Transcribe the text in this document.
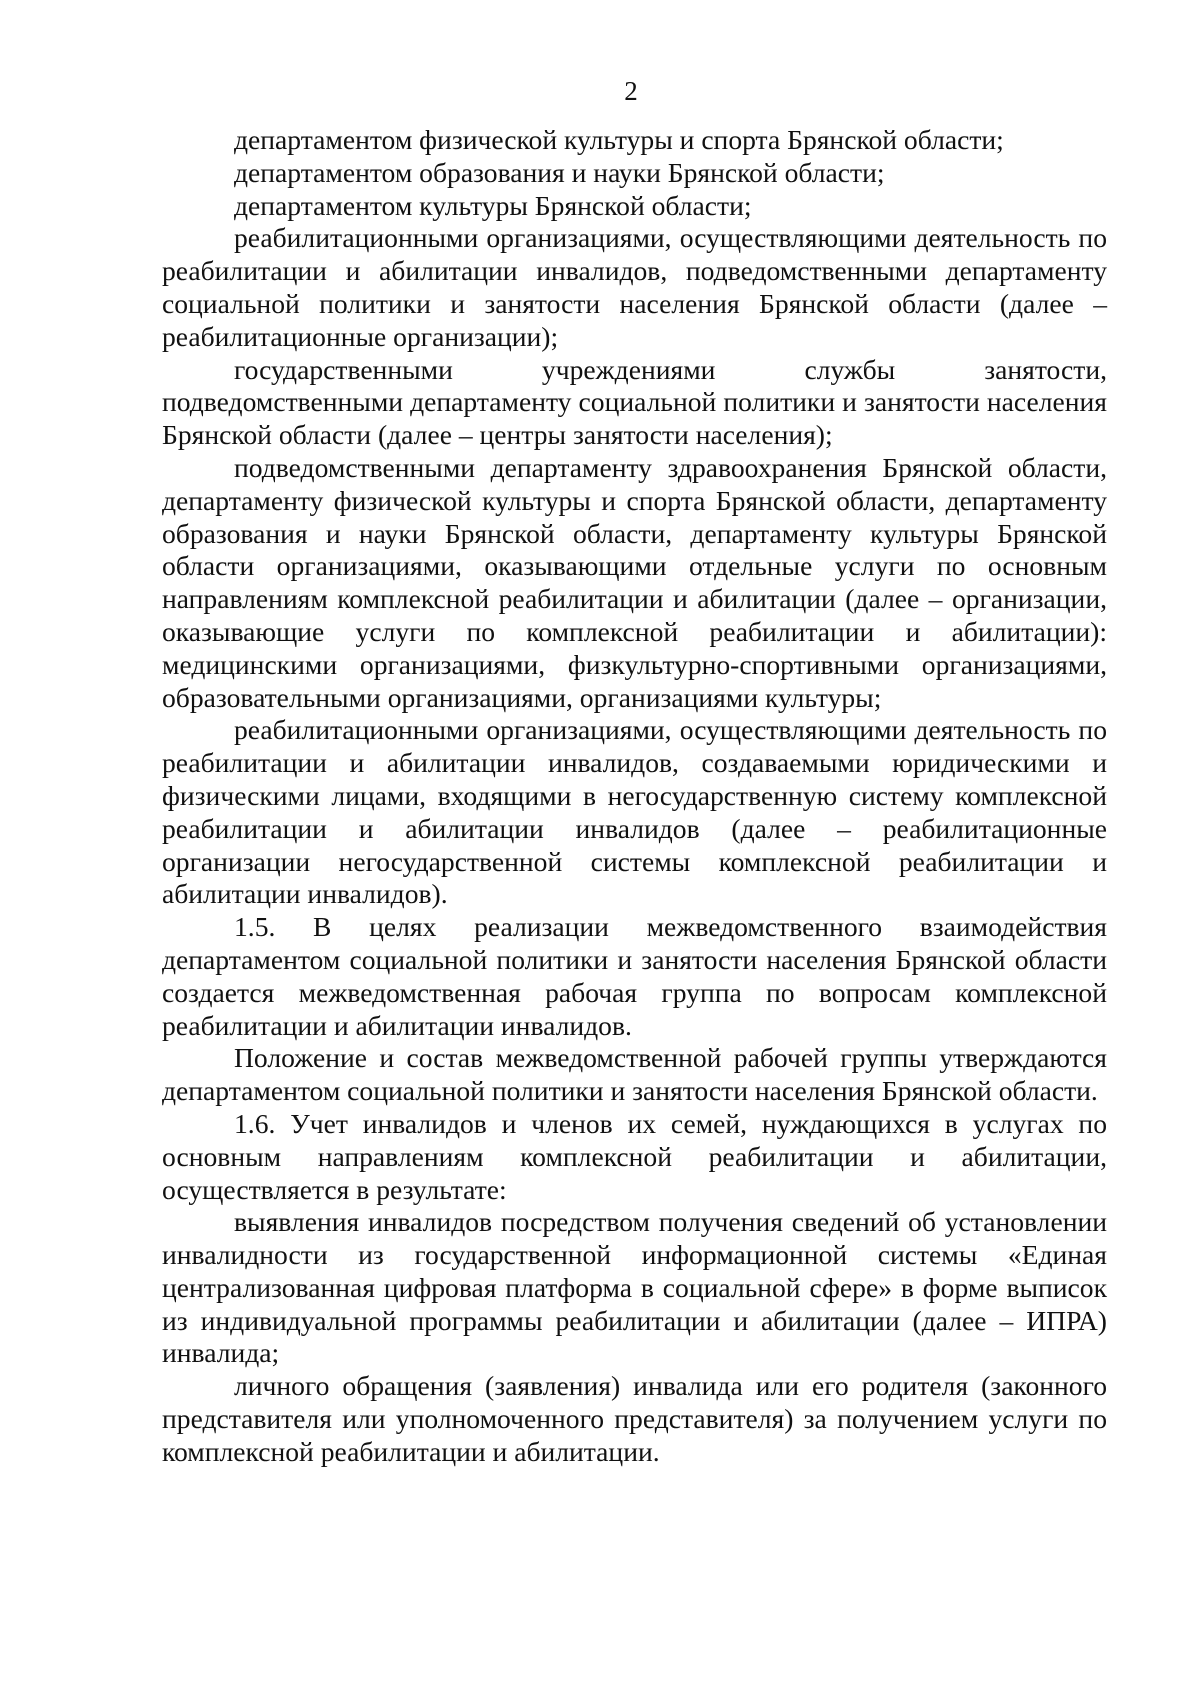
2

департаментом физической культуры и спорта Брянской области;

департаментом образования и науки Брянской области;

департаментом культуры Брянской области;

реабилитационными организациями, осуществляющими деятельность по реабилитации и абилитации инвалидов, подведомственными департаменту социальной политики и занятости населения Брянской области (далее – реабилитационные организации);

государственными учреждениями службы занятости, подведомственными департаменту социальной политики и занятости населения Брянской области (далее – центры занятости населения);

подведомственными департаменту здравоохранения Брянской области, департаменту физической культуры и спорта Брянской области, департаменту образования и науки Брянской области, департаменту культуры Брянской области организациями, оказывающими отдельные услуги по основным направлениям комплексной реабилитации и абилитации (далее – организации, оказывающие услуги по комплексной реабилитации и абилитации): медицинскими организациями, физкультурно-спортивными организациями, образовательными организациями, организациями культуры;

реабилитационными организациями, осуществляющими деятельность по реабилитации и абилитации инвалидов, создаваемыми юридическими и физическими лицами, входящими в негосударственную систему комплексной реабилитации и абилитации инвалидов (далее – реабилитационные организации негосударственной системы комплексной реабилитации и абилитации инвалидов).

1.5. В целях реализации межведомственного взаимодействия департаментом социальной политики и занятости населения Брянской области создается межведомственная рабочая группа по вопросам комплексной реабилитации и абилитации инвалидов.

Положение и состав межведомственной рабочей группы утверждаются департаментом социальной политики и занятости населения Брянской области.

1.6. Учет инвалидов и членов их семей, нуждающихся в услугах по основным направлениям комплексной реабилитации и абилитации, осуществляется в результате:

выявления инвалидов посредством получения сведений об установлении инвалидности из государственной информационной системы «Единая централизованная цифровая платформа в социальной сфере» в форме выписок из индивидуальной программы реабилитации и абилитации (далее – ИПРА) инвалида;

личного обращения (заявления) инвалида или его родителя (законного представителя или уполномоченного представителя) за получением услуги по комплексной реабилитации и абилитации.
